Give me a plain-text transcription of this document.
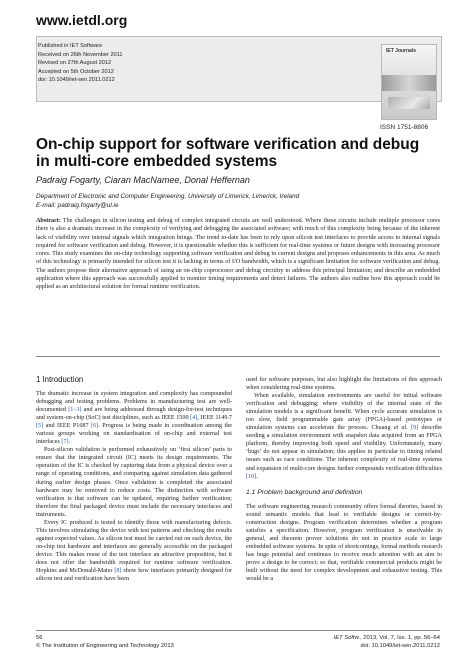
www.ietdl.org
Published in IET Software
Received on 26th November 2011
Revised on 27th August 2012
Accepted on 5th October 2012
doi: 10.1049/iet-sen.2011.0212
IET Journals
ISSN 1751-8806
On-chip support for software verification and debug
in multi-core embedded systems
Padraig Fogarty, Ciaran MacNamee, Donal Heffernan
Department of Electronic and Computer Engineering, University of Limerick, Limerick, Ireland
E-mail: padraig.fogarty@ul.ie
Abstract: The challenges in silicon testing and debug of complex integrated circuits are well understood. Where these circuits include multiple processor cores there is also a dramatic increase in the complexity of verifying and debugging the associated software; with much of this complexity being because of the inherent lack of visibility over internal signals which integration brings. The trend to-date has been to rely upon silicon test interfaces to provide access to internal signals required for software verification and debug. However, it is questionable whether this is sufficient for real-time systems or future designs with increasing processor cores. This study examines the on-chip technology supporting software verification and debug in current designs and proposes enhancements in this area. As much of this technology is primarily intended for silicon test it is lacking in terms of I/O bandwidth, which is a significant limitation for software verification and debug. The authors propose their alternative approach of using an on-chip coprocessor and debug circuitry to address this principal limitation; and describe an embedded application where this approach was successfully applied to monitor timing requirements and detect failures. The authors also outline how this approach could be applied as an architectural solution for formal runtime verification.
1 Introduction

The dramatic increase in system integration and complexity has compounded debugging and testing problems. Problems in manufacturing test are well-documented [1–3] and are being addressed through design-for-test techniques and system-on-chip (SoC) test disciplines, such as IEEE 1500 [4], IEEE 1149.7 [5] and IEEE P1687 [6]. Progress is being made in coordination among the various groups working on standardisation of on-chip and external test interfaces [7].

Post-silicon validation is performed exhaustively on ‘first silicon’ parts to ensure that the integrated circuit (IC) meets its design requirements. The operation of the IC is checked by capturing data from a physical device over a range of operating conditions, and comparing against simulation data gathered during earlier design phases. Once validation is completed the associated hardware may be removed to reduce costs. The distinction with software verification is that software can be updated, requiring further verification; therefore the final packaged device must include the necessary interfaces and instruments.

Every IC produced is tested to identify those with manufacturing defects. This involves stimulating the device with test patterns and checking the results against expected values. As silicon test must be carried out on each device, the on-chip test hardware and interfaces are generally accessible on the packaged device. This makes reuse of the test interface an attractive proposition, but it does not offer the bandwidth required for runtime software verification. Hopkins and McDonald-Maier [8] show how interfaces primarily designed for silicon test and verification have been

used for software purposes, but also highlight the limitations of this approach when considering real-time systems.

When available, simulation environments are useful for initial software verification and debugging; where visibility of the internal state of the simulation models is a significant benefit. When cycle accurate simulation is too slow, field programmable gate array (FPGA)-based prototypes or simulation systems can accelerate the process. Chuang et al. [9] describe seeding a simulation environment with snapshot data acquired from an FPGA platform, thereby improving both speed and visibility. Unfortunately, many ‘bugs’ do not appear in simulation; this applies in particular to timing related issues such as race conditions. The inherent complexity of real-time systems and expansion of multi-core designs further compounds verification difficulties [10].

1.1 Problem background and definition

The software engineering research community offers formal theories, based in sound semantic models that lead to verifiable designs or correct-by-construction designs. Program verification determines whether a program satisfies a specification. However, program verification is unsolvable in general, and theorem prover solutions do not in practice scale to large embedded software systems. In spite of shortcomings, formal methods research has huge potential and continues to receive much attention with an aim to prove a design to be correct; so that, verifiable commercial products might be built without the need for complex development and exhaustive testing. This would be a

56
© The Institution of Engineering and Technology 2013
IET Softw., 2013, Vol. 7, Iss. 1, pp. 56–64
doi: 10.1049/iet-sen.2011.0212
